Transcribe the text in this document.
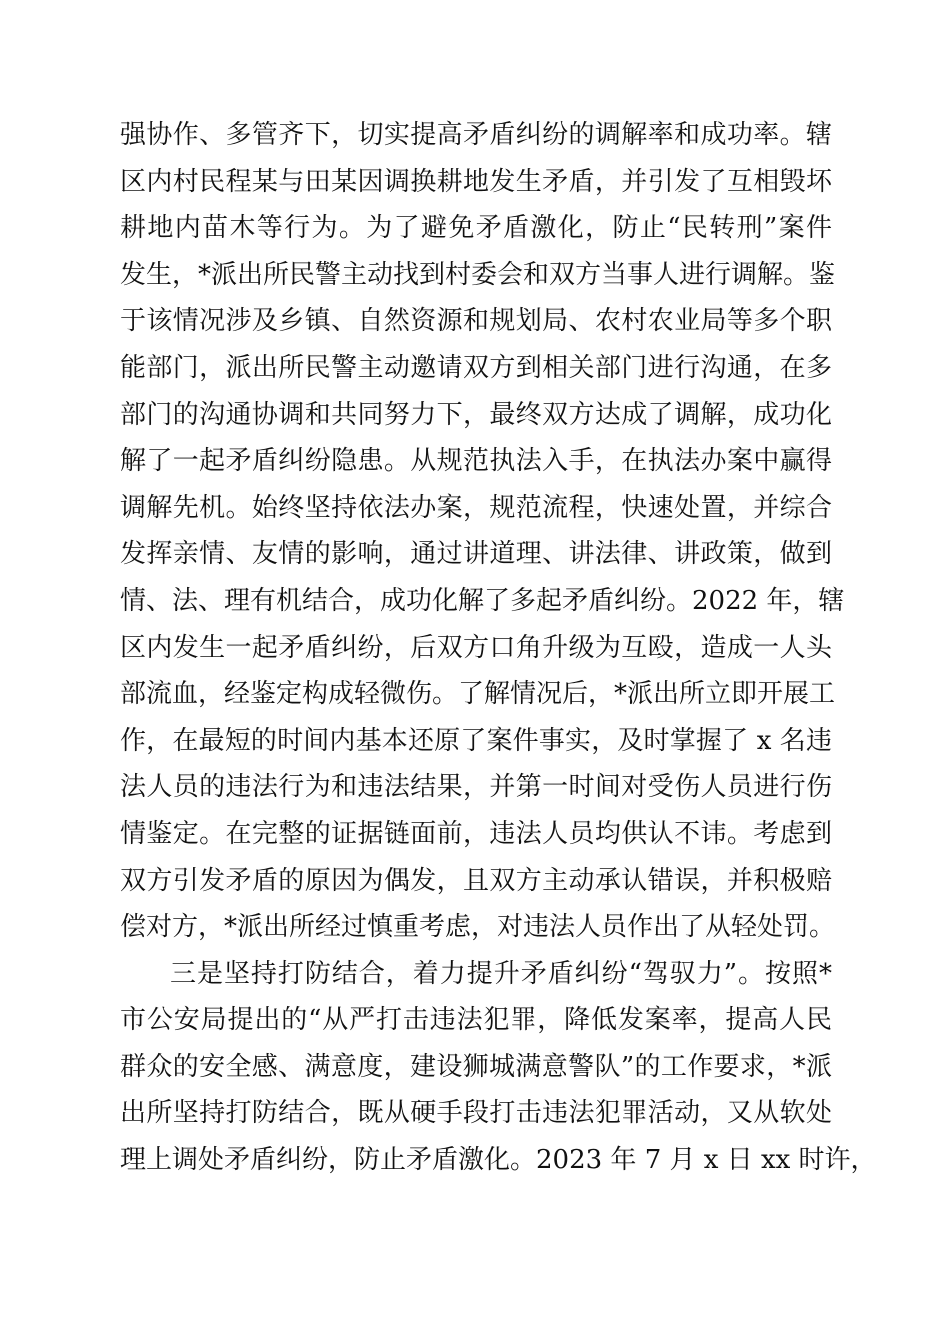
强协作、多管齐下，切实提高矛盾纠纷的调解率和成功率。辖
区内村民程某与田某因调换耕地发生矛盾，并引发了互相毁坏
耕地内苗木等行为。为了避免矛盾激化，防止“民转刑”案件
发生，*派出所民警主动找到村委会和双方当事人进行调解。鉴
于该情况涉及乡镇、自然资源和规划局、农村农业局等多个职
能部门，派出所民警主动邀请双方到相关部门进行沟通，在多
部门的沟通协调和共同努力下，最终双方达成了调解，成功化
解了一起矛盾纠纷隐患。从规范执法入手，在执法办案中赢得
调解先机。始终坚持依法办案，规范流程，快速处置，并综合
发挥亲情、友情的影响，通过讲道理、讲法律、讲政策，做到
情、法、理有机结合，成功化解了多起矛盾纠纷。2022 年，辖
区内发生一起矛盾纠纷，后双方口角升级为互殴，造成一人头
部流血，经鉴定构成轻微伤。了解情况后，*派出所立即开展工
作，在最短的时间内基本还原了案件事实，及时掌握了 x 名违
法人员的违法行为和违法结果，并第一时间对受伤人员进行伤
情鉴定。在完整的证据链面前，违法人员均供认不讳。考虑到
双方引发矛盾的原因为偶发，且双方主动承认错误，并积极赔
偿对方，*派出所经过慎重考虑，对违法人员作出了从轻处罚。
三是坚持打防结合，着力提升矛盾纠纷“驾驭力”。按照*
市公安局提出的“从严打击违法犯罪，降低发案率，提高人民
群众的安全感、满意度，建设狮城满意警队”的工作要求，*派
出所坚持打防结合，既从硬手段打击违法犯罪活动，又从软处
理上调处矛盾纠纷，防止矛盾激化。2023 年 7 月 x 日 xx 时许，
